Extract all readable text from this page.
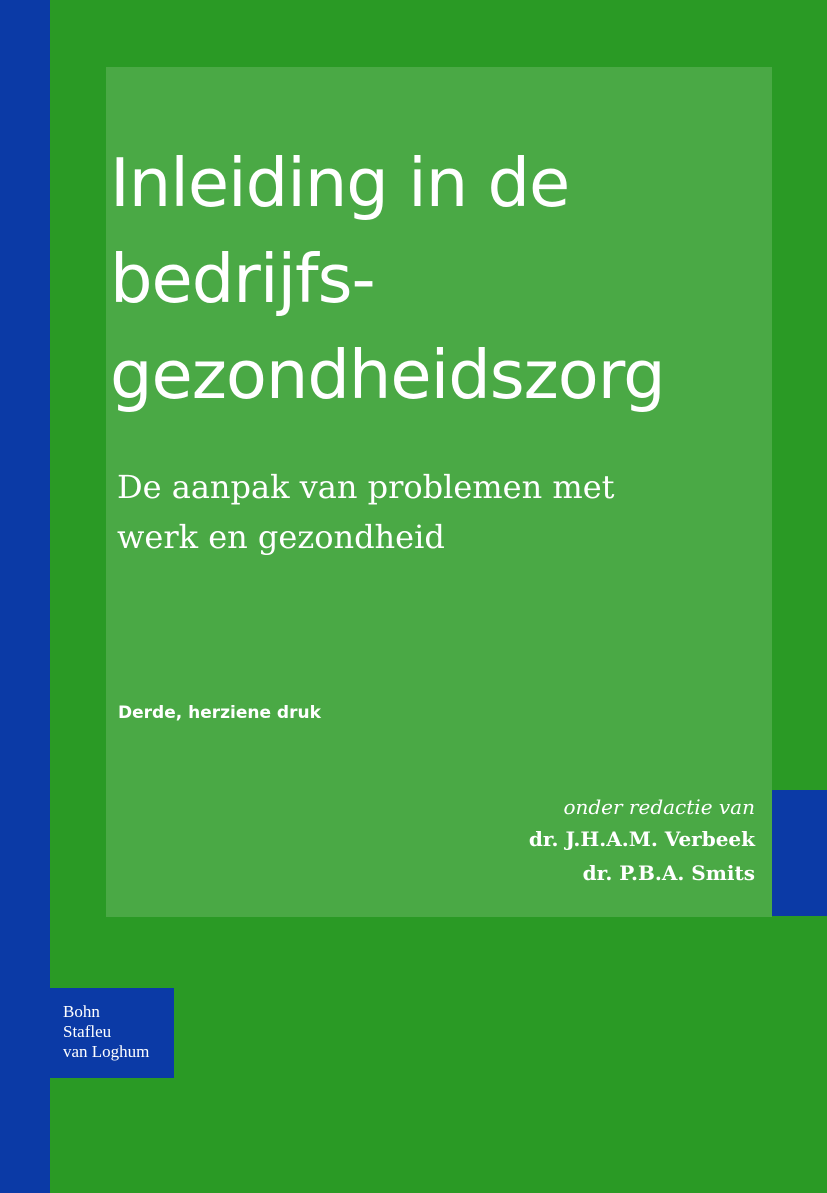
Inleiding in de
bedrijfs-
gezondheidszorg
De aanpak van problemen met
werk en gezondheid
Derde, herziene druk
onder redactie van
dr. J.H.A.M. Verbeek
dr. P.B.A. Smits
Bohn
Stafleu
van Loghum
